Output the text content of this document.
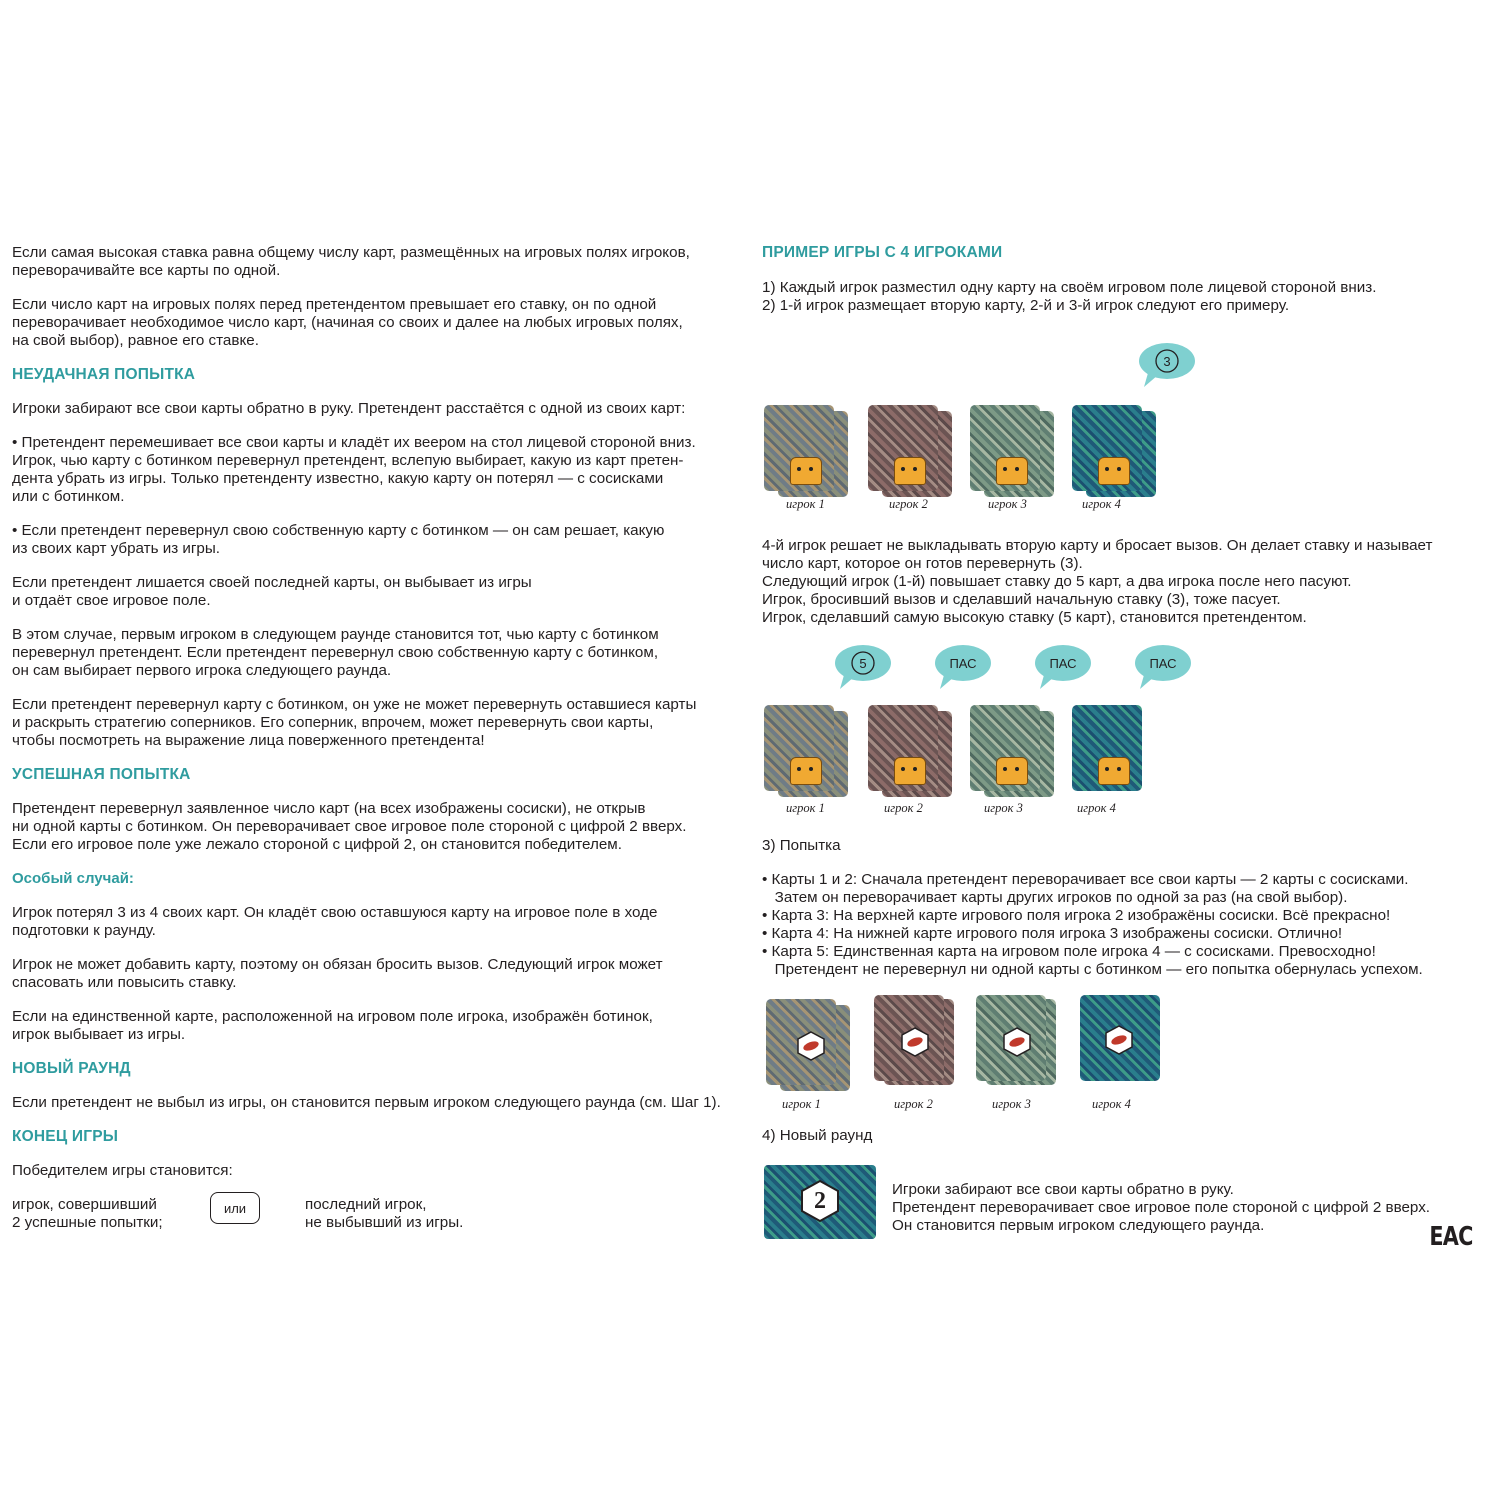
Если самая высокая ставка равна общему числу карт, размещённых на игровых полях игроков,
переворачивайте все карты по одной.

Если число карт на игровых полях перед претендентом превышает его ставку, он по одной
переворачивает необходимое число карт, (начиная со своих и далее на любых игровых полях,
на свой выбор), равное его ставке.

НЕУДАЧНАЯ ПОПЫТКА

Игроки забирают все свои карты обратно в руку. Претендент расстаётся с одной из своих карт:

• Претендент перемешивает все свои карты и кладёт их веером на стол лицевой стороной вниз.
Игрок, чью карту с ботинком перевернул претендент, вслепую выбирает, какую из карт претен-
дента убрать из игры. Только претенденту известно, какую карту он потерял — с сосисками
или с ботинком.

• Если претендент перевернул свою собственную карту с ботинком — он сам решает, какую
из своих карт убрать из игры.

Если претендент лишается своей последней карты, он выбывает из игры
и отдаёт свое игровое поле.

В этом случае, первым игроком в следующем раунде становится тот, чью карту с ботинком
перевернул претендент. Если претендент перевернул свою собственную карту с ботинком,
он сам выбирает первого игрока следующего раунда.

Если претендент перевернул карту с ботинком, он уже не может перевернуть оставшиеся карты
и раскрыть стратегию соперников. Его соперник, впрочем, может перевернуть свои карты,
чтобы посмотреть на выражение лица поверженного претендента!

УСПЕШНАЯ ПОПЫТКА

Претендент перевернул заявленное число карт (на всех изображены сосиски), не открыв
ни одной карты с ботинком. Он переворачивает свое игровое поле стороной с цифрой 2 вверх.
Если его игровое поле уже лежало стороной с цифрой 2, он становится победителем.

Особый случай:

Игрок потерял 3 из 4 своих карт. Он кладёт свою оставшуюся карту на игровое поле в ходе
подготовки к раунду.

Игрок не может добавить карту, поэтому он обязан бросить вызов. Следующий игрок может
спасовать или повысить ставку.

Если на единственной карте, расположенной на игровом поле игрока, изображён ботинок,
игрок выбывает из игры.

НОВЫЙ РАУНД

Если претендент не выбыл из игры, он становится первым игроком следующего раунда (см. Шаг 1).

КОНЕЦ ИГРЫ

Победителем игры становится:

игрок, совершивший
2 успешные попытки;

или	последний игрок,
не выбывший из игры.

ПРИМЕР ИГРЫ С 4 ИГРОКАМИ

1) Каждый игрок разместил одну карту на своём игровом поле лицевой стороной вниз.
2) 1-й игрок размещает вторую карту, 2-й и 3-й игрок следуют его примеру.

3
игрок 1	игрок 2	игрок 3	игрок 4

4-й игрок решает не выкладывать вторую карту и бросает вызов. Он делает ставку и называет
число карт, которое он готов перевернуть (3).
Следующий игрок (1-й) повышает ставку до 5 карт, а два игрока после него пасуют.
Игрок, бросивший вызов и сделавший начальную ставку (3), тоже пасует.
Игрок, сделавший самую высокую ставку (5 карт), становится претендентом.

5	ПАС	ПАС	ПАС
игрок 1	игрок 2	игрок 3	игрок 4

3) Попытка

• Карты 1 и 2: Сначала претендент переворачивает все свои карты — 2 карты с сосисками.
Затем он переворачивает карты других игроков по одной за раз (на свой выбор).
• Карта 3: На верхней карте игрового поля игрока 2 изображёны сосиски. Всё прекрасно!
• Карта 4: На нижней карте игрового поля игрока 3 изображены сосиски. Отлично!
• Карта 5: Единственная карта на игровом поле игрока 4 — с сосисками. Превосходно!
Претендент не перевернул ни одной карты с ботинком — его попытка обернулась успехом.

игрок 1	игрок 2	игрок 3	игрок 4

4) Новый раунд

2	Игроки забирают все свои карты обратно в руку.
Претендент переворачивает свое игровое поле стороной с цифрой 2 вверх.
Он становится первым игроком следующего раунда.	ЕАС
